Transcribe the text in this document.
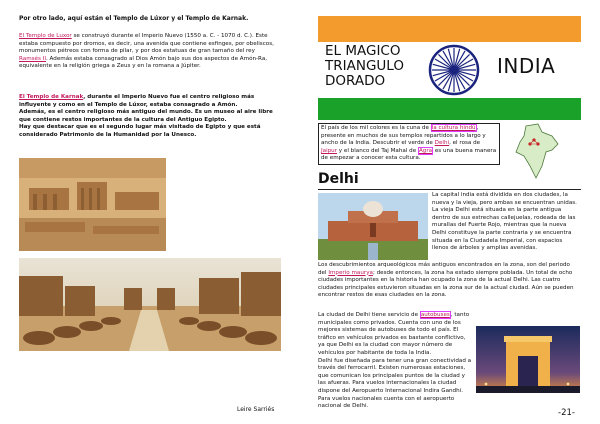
Por otro lado, aquí están el Templo de Lúxor y el Templo de Karnak.

El Templo de Luxor se construyó durante el Imperio Nuevo (1550 a. C. - 1070 d. C.). Este estaba compuesto por dromos, es decir, una avenida que contiene esfinges, por obeliscos, monumentos pétreos con forma de pilar, y por dos estatuas de gran tamaño del rey Ramsés II. Además estaba consagrado al Dios Amón bajo sus dos aspectos de Amón-Ra, equivalente en la religión griega a Zeus y en la romana a Júpiter.

El Templo de Karnak, durante el Imperio Nuevo fue el centro religioso más influyente y como en el Templo de Lúxor, estaba consagrado a Amón.

Además, es el centro religioso más antiguo del mundo. Es un museo al aire libre que contiene restos importantes de la cultura del Antiguo Egipto.

Hay que destacar que es el segundo lugar más visitado de Egipto y que está considerado Patrimonio de la Humanidad por la Unesco.

Leire Sarriés
EL MAGICO
TRIANGULO
DORADO
INDIA

El país de los mil colores es la cuna de la cultura hindú, presente en muchos de sus templos repartidos a lo largo y ancho de la India. Descubrir el verde de Delhi, el rosa de Jaipur y el blanco del Taj Mahal de Agra es una buena manera de empezar a conocer esta cultura.

Delhi

La capital india está dividida en dos ciudades, la nueva y la vieja, pero ambas se encuentran unidas. La vieja Delhi está situada en la parte antigua dentro de sus estrechas callejuelas, rodeada de las murallas del Fuerte Rojo, mientras que la nueva Delhi constituye la parte contraria y se encuentra situada en la Ciudadela Imperial, con espacios llenos de árboles y amplias avenidas.

Los descubrimientos arqueológicos más antiguos encontrados en la zona, son del periodo del Imperio maurya; desde entonces, la zona ha estado siempre poblada. Un total de ocho ciudades importantes en la historia han ocupado la zona de la actual Delhi. Las cuatro ciudades principales estuvieron situadas en la zona sur de la actual ciudad. Aún se pueden encontrar restos de esas ciudades en la zona.

La ciudad de Delhi tiene servicio de autobuses, tanto municipales como privados. Cuenta con uno de los mejores sistemas de autobuses de todo el país. El tráfico en vehículos privados es bastante conflictivo, ya que Delhi es la ciudad con mayor número de vehículos por habitante de toda la India.

Delhi fue diseñada para tener una gran conectividad a través del ferrocarril. Existen numerosas estaciones, que comunican los principales puntos de la ciudad y las afueras. Para vuelos internacionales la ciudad dispone del Aeropuerto Internacional Indira Gandhi. Para vuelos nacionales cuenta con el aeropuerto nacional de Delhi.

-21-
